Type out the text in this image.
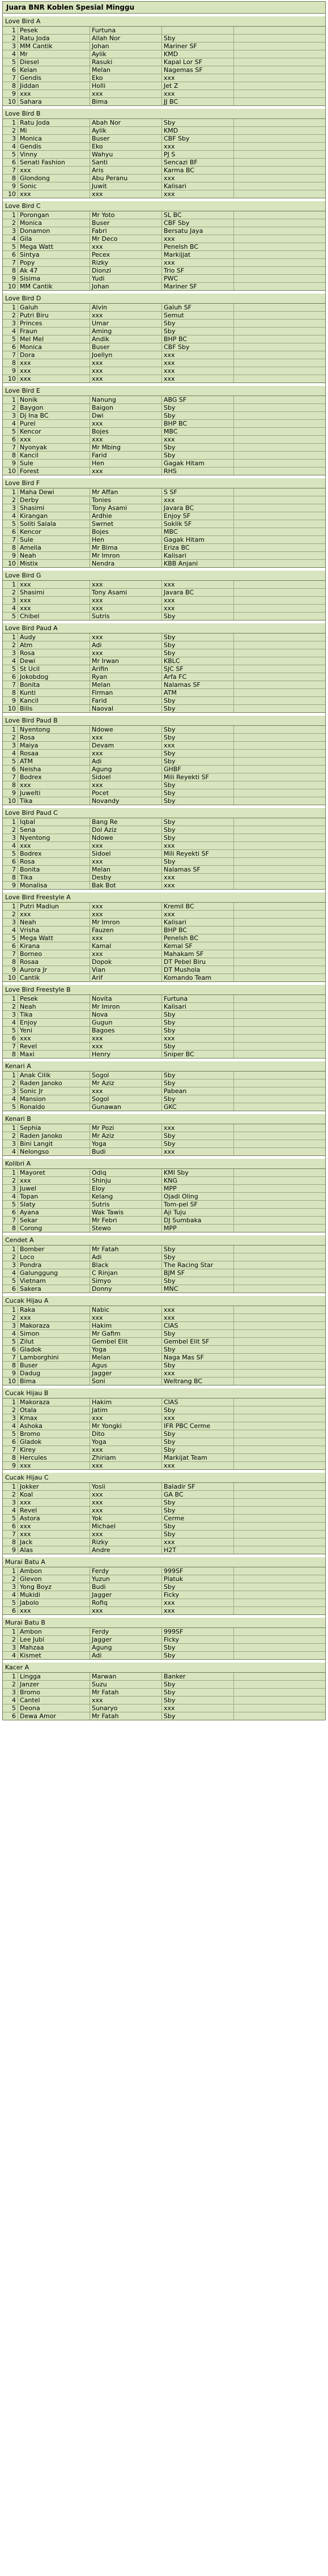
Juara BNR Koblen Spesial Minggu
Love Bird A
1 Pesek	Furtuna
2 Ratu Joda	Allah Nor	Sby
3 MM Cantik	Johan	Mariner SF
4 Mr	Aylik	KMD
5 Diesel	Rasuki	Kapal Lor SF
6 Kelan	Melan	Nagemas SF
7 Gendis	Eko	xxx
8 Jiddan	Holli	Jet Z
9 xxx	xxx	xxx
10 Sahara	Bima	JJ BC
Love Bird B
1 Ratu Joda	Abah Nor	Sby
2 Mi	Aylik	KMD
3 Monica	Buser	CBF Sby
4 Gendis	Eko	xxx
5 Vinny	Wahyu	PJ S
6 Senati Fashion	Santi	Sencazi BF
7 xxx	Aris	Karma BC
8 Glondong	Abu Peranu	xxx
9 Sonic	Juwit	Kalisari
10 xxx	xxx	xxx
Love Bird C
1 Porongan	Mr Yoto	SL BC
2 Monica	Buser	CBF Sby
3 Donamon	Fabri	Bersatu Jaya
4 Gila	Mr Deco	xxx
5 Mega Watt	xxx	Penelsh BC
6 Sintya	Pecex	Markijjat
7 Popy	Rizky	xxx
8 Ak 47	Dionzi	Trio SF
9 Sisima	Yudi	PWC
10 MM Cantik	Johan	Mariner SF
Love Bird D
1 Galuh	Alvin	Galuh SF
2 Putri Biru	xxx	Semut
3 Princes	Umar	Sby
4 Fraun	Aming	Sby
5 Mel Mel	Andik	BHP BC
6 Monica	Buser	CBF Sby
7 Dora	Joellyn	xxx
8 xxx	xxx	xxx
9 xxx	xxx	xxx
10 xxx	xxx	xxx
Love Bird E
1 Nonik	Nanung	ABG SF
2 Baygon	Baigon	Sby
3 Dj Ina BC	Dwi	Sby
4 Purel	xxx	BHP BC
5 Kencor	Bojes	MBC
6 xxx	xxx	xxx
7 Nyonyak	Mr Mbing	Sby
8 Kancil	Farid	Sby
9 Sule	Hen	Gagak Hitam
10 Forest	xxx	RHS
Love Bird F
1 Maha Dewi	Mr Affan	S SF
2 Derby	Tonies	xxx
3 Shasimi	Tony Asami	Javara BC
4 Kirangan	Ardhie	Enjoy SF
5 Soliti Salala	Swrnet	Soklik SF
6 Kencor	Bojes	MBC
7 Sule	Hen	Gagak Hitam
8 Amelia	Mr Bima	Eriza BC
9 Neah	Mr Imron	Kalisari
10 Mistix	Nendra	KBB Anjani
Love Bird G
1 xxx	xxx	xxx
2 Shasimi	Tony Asami	Javara BC
3 xxx	xxx	xxx
4 xxx	xxx	xxx
5 Chibel	Sutris	Sby
Love Bird Paud A
1 Audy	xxx	Sby
2 Atm	Adi	Sby
3 Rosa	xxx	Sby
4 Dewi	Mr Irwan	KBLC
5 St Ucil	Arifin	SJC SF
6 Jokobdog	Ryan	Arfa FC
7 Bonita	Melan	Nalamas SF
8 Kunti	Firman	ATM
9 Kancil	Farid	Sby
10 Bilis	Naoval	Sby
Love Bird Paud B
1 Nyentong	Ndowe	Sby
2 Rosa	xxx	Sby
3 Maiya	Devam	xxx
4 Rosaa	xxx	Sby
5 ATM	Adi	Sby
6 Neisha	Agung	GHBF
7 Bodrex	Sidoel	Mili Reyekti SF
8 xxx	xxx	Sby
9 Juwelti	Pocet	Sby
10 Tika	Novandy	Sby
Love Bird Paud C
1 Iqbal	Bang Re	Sby
2 Sena	Dol Aziz	Sby
3 Nyentong	Ndowe	Sby
4 xxx	xxx	xxx
5 Bodrex	Sidoel	Mili Reyekti SF
6 Rosa	xxx	Sby
7 Bonita	Melan	Nalamas SF
8 Tika	Desby	xxx
9 Monalisa	Bak Bot	xxx
Love Bird Freestyle A
1 Putri Madiun	xxx	Kremil BC
2 xxx	xxx	xxx
3 Neah	Mr Imron	Kalisari
4 Vrisha	Fauzen	BHP BC
5 Mega Watt	xxx	Penelsh BC
6 Kirana	Kamal	Kemal SF
7 Borneo	xxx	Mahakam SF
8 Rosaa	Dopok	DT Pebel Biru
9 Aurora Jr	Vian	DT Mushola
10 Cantik	Arif	Komando Team
Love Bird Freestyle B
1 Pesek	Novita	Furtuna
2 Neah	Mr Imron	Kalisari
3 Tika	Nova	Sby
4 Enjoy	Gugun	Sby
5 Yeni	Bagoes	Sby
6 xxx	xxx	xxx
7 Revel	xxx	Sby
8 Maxi	Henry	Sniper BC
Kenari A
1 Anak Cilik	Sogol	Sby
2 Raden Janoko	Mr Aziz	Sby
3 Sonic Jr	xxx	Pabean
4 Mansion	Sogol	Sby
5 Ronaldo	Gunawan	GKC
Kenari B
1 Sephia	Mr Pozi	xxx
2 Raden Janoko	Mr Aziz	Sby
3 Bini Langit	Yoga	Sby
4 Nelongso	Budi	xxx
Kolibri A
1 Mayoret	Odiq	KMI Sby
2 xxx	Shinju	KNG
3 Juwel	Eloy	MPP
4 Topan	Kelang	Ojadi Oling
5 Slaty	Sutris	Tom-pel SF
6 Ayana	Wak Tawis	Aji Tuju
7 Sekar	Mr Febri	DJ Sumbaka
8 Corong	Stewo	MPP
Cendet A
1 Bomber	Mr Fatah	Sby
2 Loco	Adi	Sby
3 Pondra	Black	The Racing Star
4 Galunggung	C Rinjan	BJM SF
5 Vietnam	Simyo	Sby
6 Sakera	Donny	MNC
Cucak Hijau A
1 Raka	Nabic	xxx
2 xxx	xxx	xxx
3 Makoraza	Hakim	CIAS
4 Simon	Mr Gafim	Sby
5 Zilut	Gembel Elit	Gembel Elit SF
6 Gladok	Yoga	Sby
7 Lamborghini	Melan	Naga Mas SF
8 Buser	Agus	Sby
9 Dadug	Jagger	xxx
10 Bima	Soni	Weltrang BC
Cucak Hijau B
1 Makoraza	Hakim	CIAS
2 Otala	Jatim	Sby
3 Kmax	xxx	xxx
4 Ashoka	Mr Yongki	IFR PBC Cerme
5 Bromo	Dito	Sby
6 Gladok	Yoga	Sby
7 Kirey	xxx	Sby
8 Hercules	Zhiriam	Markijat Team
9 xxx	xxx	xxx
Cucak Hijau C
1 Jokker	Yosii	Baladir SF
2 Koal	xxx	GA BC
3 xxx	xxx	Sby
4 Revel	xxx	Sby
5 Astora	Yok	Cerme
6 xxx	Michael	Sby
7 xxx	xxx	Sby
8 Jack	Rizky	xxx
9 Alas	Andre	H2T
Murai Batu A
1 Ambon	Ferdy	999SF
2 Glevon	Yuzun	Platuk
3 Yong Boyz	Budi	Sby
4 Mukidi	Jagger	Ficky
5 Jabolo	Rofiq	xxx
6 xxx	xxx	xxx
Murai Batu B
1 Ambon	Ferdy	999SF
2 Lee Jubi	Jagger	Ficky
3 Mahzaa	Agung	Sby
4 Kismet	Adi	Sby
Kacer A
1 Lingga	Marwan	Banker
2 Janzer	Suzu	Sby
3 Bromo	Mr Fatah	Sby
4 Cantel	xxx	Sby
5 Deona	Sunaryo	xxx
6 Dewa Amor	Mr Fatah	Sby
